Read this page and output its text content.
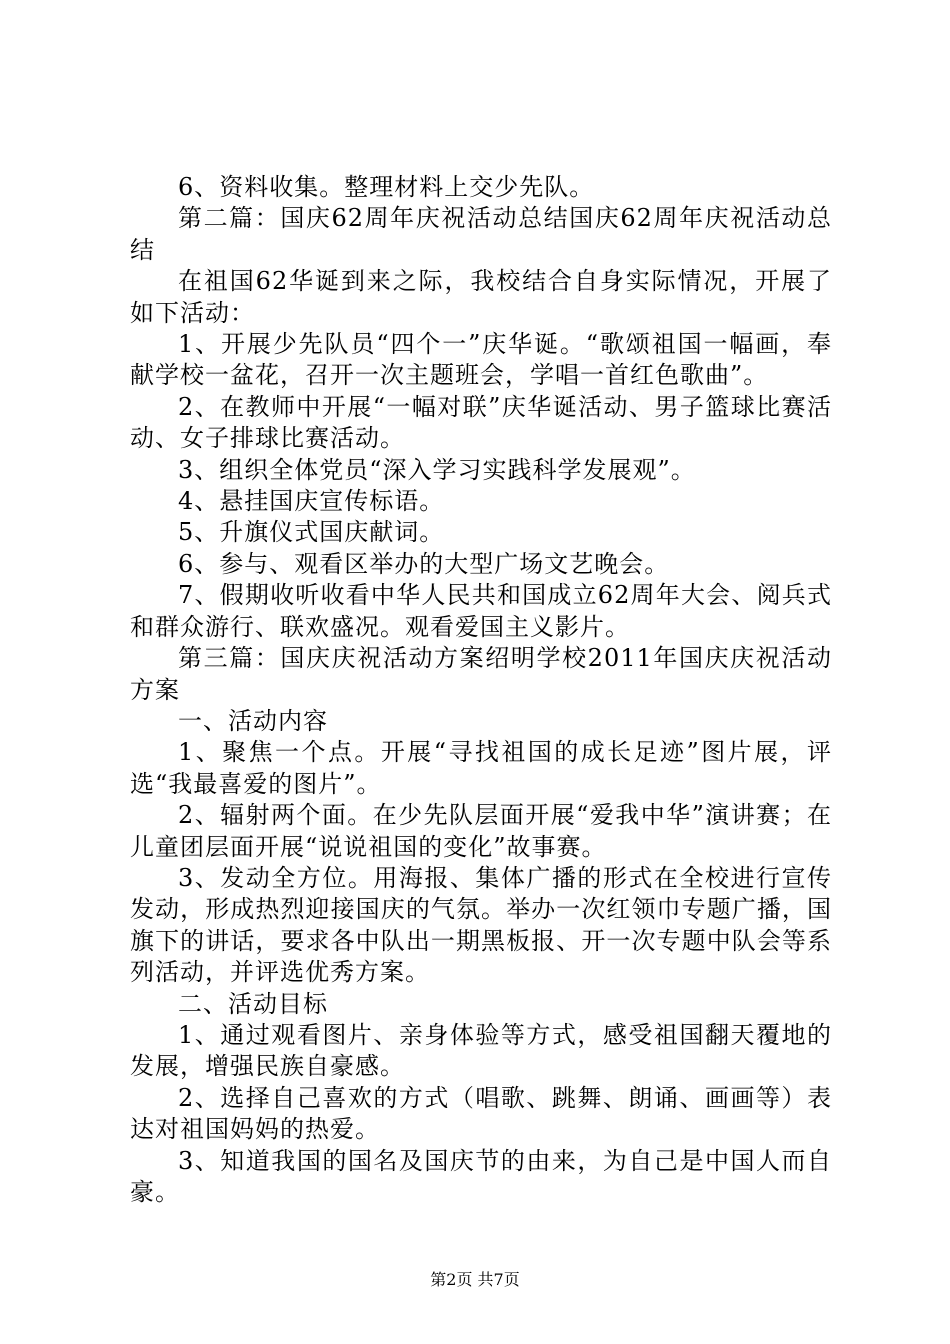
6、资料收集。整理材料上交少先队。

第二篇：国庆62周年庆祝活动总结国庆62周年庆祝活动总结

在祖国62华诞到来之际，我校结合自身实际情况，开展了如下活动：

1、开展少先队员“四个一”庆华诞。“歌颂祖国一幅画，奉献学校一盆花，召开一次主题班会，学唱一首红色歌曲”。

2、在教师中开展“一幅对联”庆华诞活动、男子篮球比赛活动、女子排球比赛活动。

3、组织全体党员“深入学习实践科学发展观”。

4、悬挂国庆宣传标语。

5、升旗仪式国庆献词。

6、参与、观看区举办的大型广场文艺晚会。

7、假期收听收看中华人民共和国成立62周年大会、阅兵式和群众游行、联欢盛况。观看爱国主义影片。

第三篇：国庆庆祝活动方案绍明学校2011年国庆庆祝活动方案

一、活动内容

1、聚焦一个点。开展“寻找祖国的成长足迹”图片展，评选“我最喜爱的图片”。

2、辐射两个面。在少先队层面开展“爱我中华”演讲赛；在儿童团层面开展“说说祖国的变化”故事赛。

3、发动全方位。用海报、集体广播的形式在全校进行宣传发动，形成热烈迎接国庆的气氛。举办一次红领巾专题广播，国旗下的讲话，要求各中队出一期黑板报、开一次专题中队会等系列活动，并评选优秀方案。

二、活动目标

1、通过观看图片、亲身体验等方式，感受祖国翻天覆地的发展，增强民族自豪感。

2、选择自己喜欢的方式（唱歌、跳舞、朗诵、画画等）表达对祖国妈妈的热爱。

3、知道我国的国名及国庆节的由来，为自己是中国人而自豪。

第2页 共7页
